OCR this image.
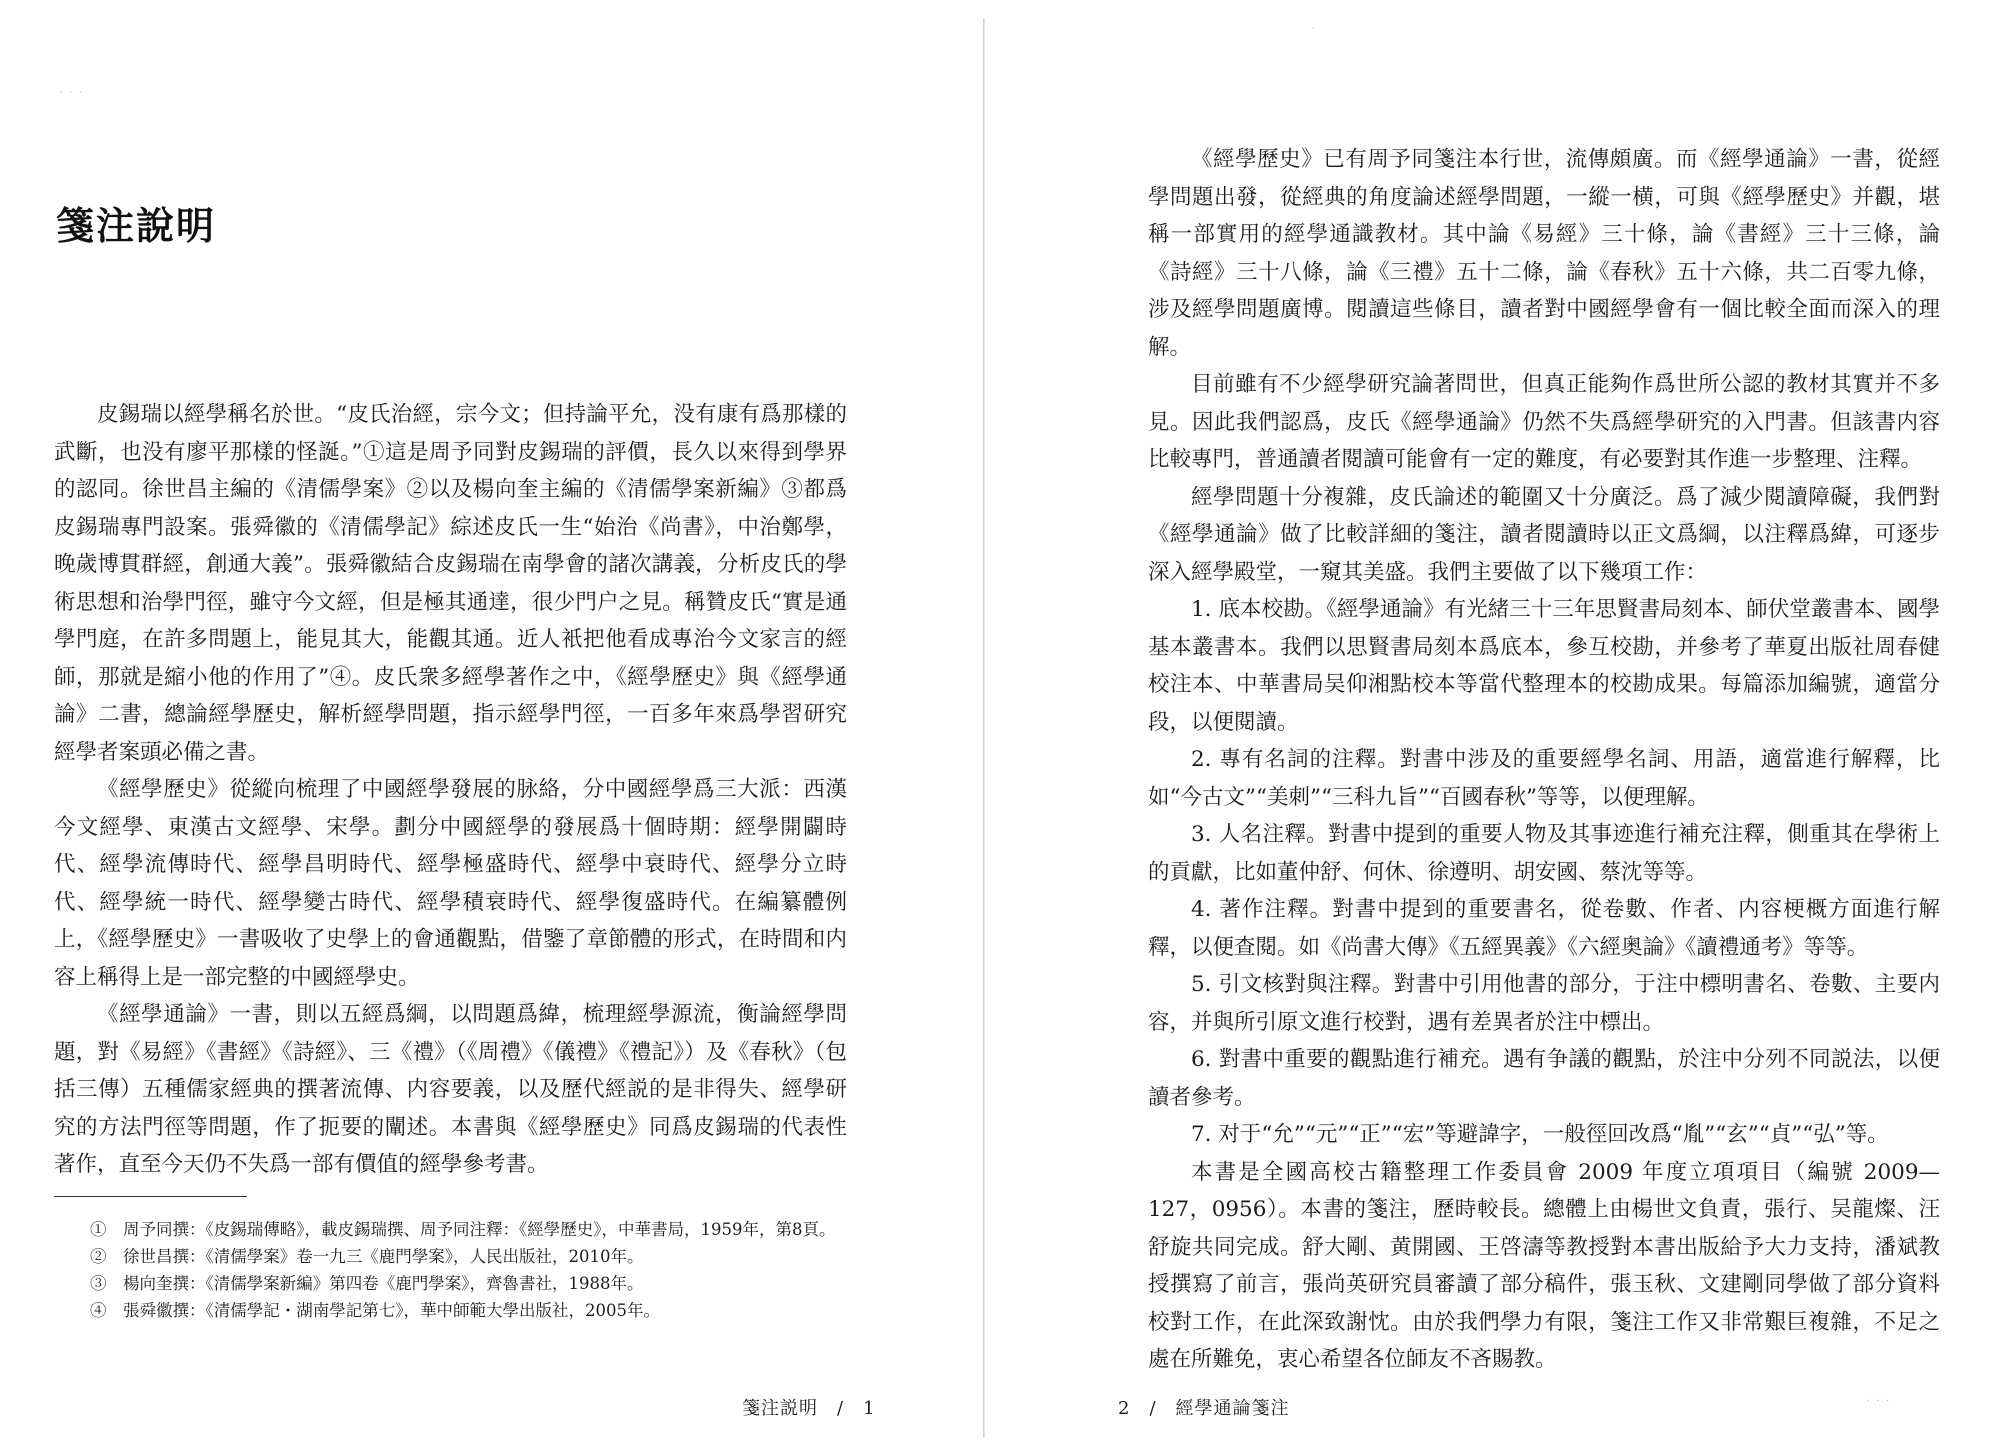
˙ ˙ ˙
箋注說明

皮錫瑞以經學稱名於世。“皮氏治經，宗今文；但持論平允，没有康有爲那樣的武斷，也没有廖平那樣的怪誕。”①這是周予同對皮錫瑞的評價，長久以來得到學界的認同。徐世昌主編的《清儒學案》②以及楊向奎主編的《清儒學案新編》③都爲皮錫瑞專門設案。張舜徽的《清儒學記》綜述皮氏一生“始治《尚書》，中治鄭學，晚歲博貫群經，創通大義”。張舜徽結合皮錫瑞在南學會的諸次講義，分析皮氏的學術思想和治學門徑，雖守今文經，但是極其通達，很少門户之見。稱贊皮氏“實是通學門庭，在許多問題上，能見其大，能觀其通。近人衹把他看成專治今文家言的經師，那就是縮小他的作用了”④。皮氏衆多經學著作之中，《經學歷史》與《經學通論》二書，總論經學歷史，解析經學問題，指示經學門徑，一百多年來爲學習研究經學者案頭必備之書。

《經學歷史》從縱向梳理了中國經學發展的脉絡，分中國經學爲三大派：西漢今文經學、東漢古文經學、宋學。劃分中國經學的發展爲十個時期：經學開闢時代、經學流傳時代、經學昌明時代、經學極盛時代、經學中衰時代、經學分立時代、經學統一時代、經學變古時代、經學積衰時代、經學復盛時代。在編纂體例上，《經學歷史》一書吸收了史學上的會通觀點，借鑒了章節體的形式，在時間和内容上稱得上是一部完整的中國經學史。

《經學通論》一書，則以五經爲綱，以問題爲緯，梳理經學源流，衡論經學問題，對《易經》《書經》《詩經》、三《禮》（《周禮》《儀禮》《禮記》）及《春秋》（包括三傳）五種儒家經典的撰著流傳、内容要義，以及歷代經説的是非得失、經學研究的方法門徑等問題，作了扼要的闡述。本書與《經學歷史》同爲皮錫瑞的代表性著作，直至今天仍不失爲一部有價值的經學參考書。

①　周予同撰：《皮錫瑞傳略》，載皮錫瑞撰、周予同注釋：《經學歷史》，中華書局，1959年，第8頁。

②　徐世昌撰：《清儒學案》卷一九三《鹿門學案》，人民出版社，2010年。

③　楊向奎撰：《清儒學案新編》第四卷《鹿門學案》，齊魯書社，1988年。

④　張舜徽撰：《清儒學記・湖南學記第七》，華中師範大學出版社，2005年。

箋注説明　/　1
˙
˙ ˙ ˙

《經學歷史》已有周予同箋注本行世，流傳頗廣。而《經學通論》一書，從經學問題出發，從經典的角度論述經學問題，一縱一横，可與《經學歷史》并觀，堪稱一部實用的經學通識教材。其中論《易經》三十條，論《書經》三十三條，論《詩經》三十八條，論《三禮》五十二條，論《春秋》五十六條，共二百零九條，涉及經學問題廣博。閱讀這些條目，讀者對中國經學會有一個比較全面而深入的理解。

目前雖有不少經學研究論著問世，但真正能夠作爲世所公認的教材其實并不多見。因此我們認爲，皮氏《經學通論》仍然不失爲經學研究的入門書。但該書内容比較專門，普通讀者閱讀可能會有一定的難度，有必要對其作進一步整理、注釋。

經學問題十分複雜，皮氏論述的範圍又十分廣泛。爲了減少閱讀障礙，我們對《經學通論》做了比較詳細的箋注，讀者閱讀時以正文爲綱，以注釋爲緯，可逐步深入經學殿堂，一窺其美盛。我們主要做了以下幾項工作：

1. 底本校勘。《經學通論》有光緒三十三年思賢書局刻本、師伏堂叢書本、國學基本叢書本。我們以思賢書局刻本爲底本，參互校勘，并參考了華夏出版社周春健校注本、中華書局吴仰湘點校本等當代整理本的校勘成果。每篇添加編號，適當分段，以便閱讀。

2. 專有名詞的注釋。對書中涉及的重要經學名詞、用語，適當進行解釋，比如“今古文”“美刺”“三科九旨”“百國春秋”等等，以便理解。

3. 人名注釋。對書中提到的重要人物及其事迹進行補充注釋，側重其在學術上的貢獻，比如董仲舒、何休、徐遵明、胡安國、蔡沈等等。

4. 著作注釋。對書中提到的重要書名，從卷數、作者、内容梗概方面進行解釋，以便查閱。如《尚書大傳》《五經異義》《六經奥論》《讀禮通考》等等。

5. 引文核對與注釋。對書中引用他書的部分，于注中標明書名、卷數、主要内容，并與所引原文進行校對，遇有差異者於注中標出。

6. 對書中重要的觀點進行補充。遇有争議的觀點，於注中分列不同説法，以便讀者參考。

7. 对于“允”“元”“正”“宏”等避諱字，一般徑回改爲“胤”“玄”“貞”“弘”等。

本書是全國高校古籍整理工作委員會 2009 年度立項項目（編號 2009—127，0956）。本書的箋注，歷時較長。總體上由楊世文負責，張行、吴龍燦、汪舒旋共同完成。舒大剛、黄開國、王啓濤等教授對本書出版給予大力支持，潘斌教授撰寫了前言，張尚英研究員審讀了部分稿件，張玉秋、文建剛同學做了部分資料校對工作，在此深致謝忱。由於我們學力有限，箋注工作又非常艱巨複雜，不足之處在所難免，衷心希望各位師友不吝賜教。

2　/　經學通論箋注
